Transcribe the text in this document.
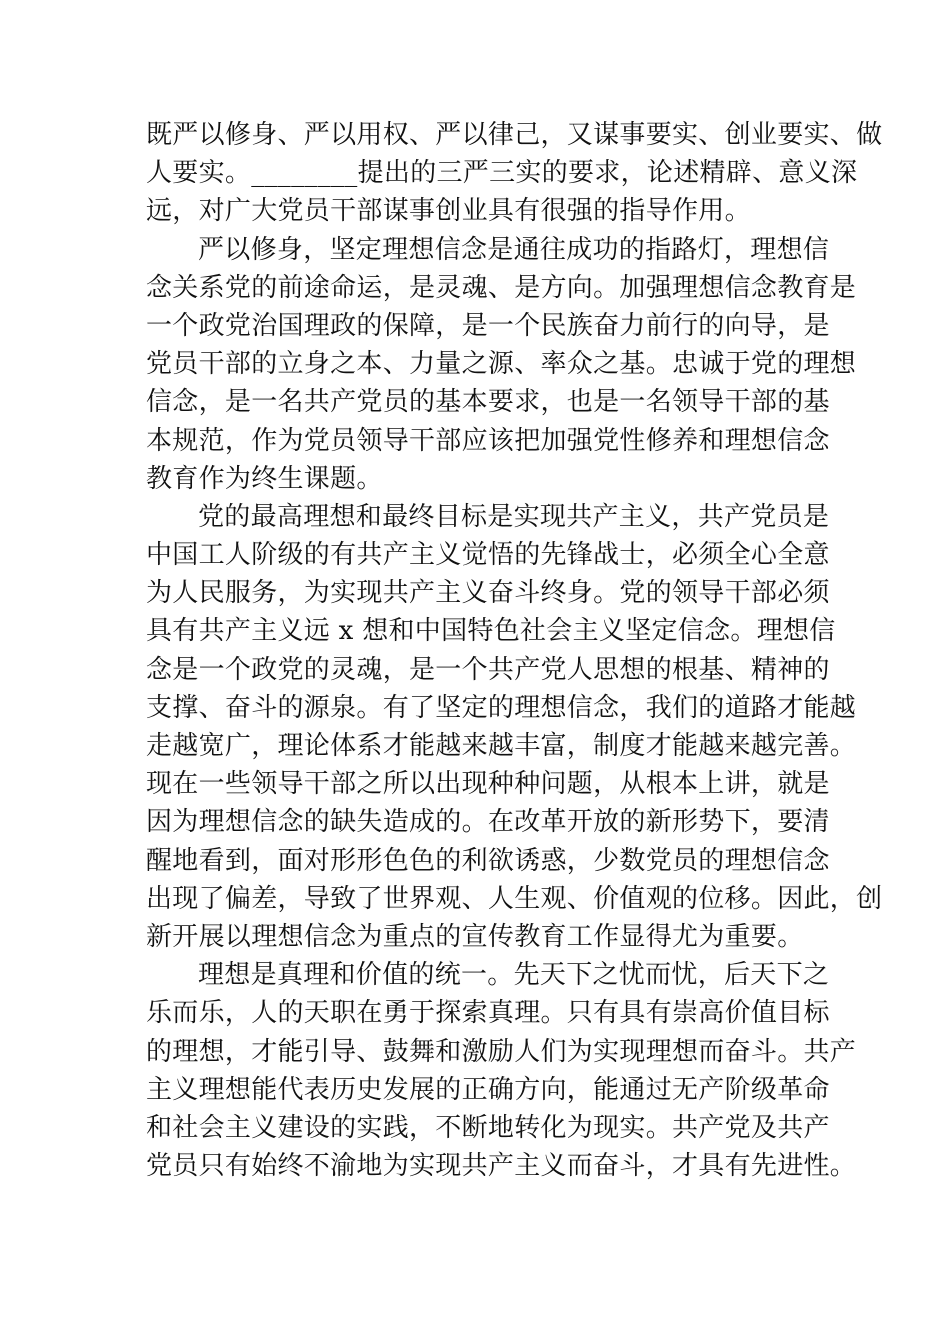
既严以修身、严以用权、严以律己，又谋事要实、创业要实、做
人要实。________提出的三严三实的要求，论述精辟、意义深
远，对广大党员干部谋事创业具有很强的指导作用。
严以修身，坚定理想信念是通往成功的指路灯，理想信
念关系党的前途命运，是灵魂、是方向。加强理想信念教育是
一个政党治国理政的保障，是一个民族奋力前行的向导，是
党员干部的立身之本、力量之源、率众之基。忠诚于党的理想
信念，是一名共产党员的基本要求，也是一名领导干部的基
本规范，作为党员领导干部应该把加强党性修养和理想信念
教育作为终生课题。
党的最高理想和最终目标是实现共产主义，共产党员是
中国工人阶级的有共产主义觉悟的先锋战士，必须全心全意
为人民服务，为实现共产主义奋斗终身。党的领导干部必须
具有共产主义远 x 想和中国特色社会主义坚定信念。理想信
念是一个政党的灵魂，是一个共产党人思想的根基、精神的
支撑、奋斗的源泉。有了坚定的理想信念，我们的道路才能越
走越宽广，理论体系才能越来越丰富，制度才能越来越完善。
现在一些领导干部之所以出现种种问题，从根本上讲，就是
因为理想信念的缺失造成的。在改革开放的新形势下，要清
醒地看到，面对形形色色的利欲诱惑，少数党员的理想信念
出现了偏差，导致了世界观、人生观、价值观的位移。因此，创
新开展以理想信念为重点的宣传教育工作显得尤为重要。
理想是真理和价值的统一。先天下之忧而忧，后天下之
乐而乐，人的天职在勇于探索真理。只有具有崇高价值目标
的理想，才能引导、鼓舞和激励人们为实现理想而奋斗。共产
主义理想能代表历史发展的正确方向，能通过无产阶级革命
和社会主义建设的实践，不断地转化为现实。共产党及共产
党员只有始终不渝地为实现共产主义而奋斗，才具有先进性。
